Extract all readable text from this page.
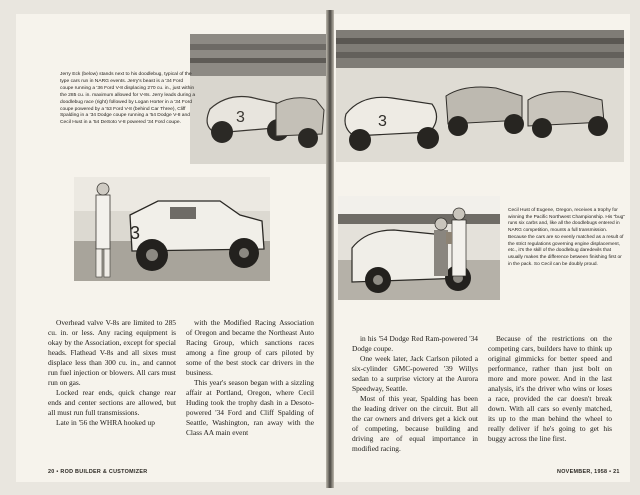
3

Jerry Eck (below) stands next to his doodlebug, typical of the type cars run in NARG events. Jerry's beast is a '34 Ford coupe running a '36 Ford V-8 displacing 270 cu. in., just within the 285 cu. in. maximum allowed for V-8s. Jerry leads during a doodlebug race (right) followed by Logan Horter in a '34 Ford coupe powered by a '53 Ford V-8 (behind Car Three), Cliff Spalding in a '34 Dodge coupe running a '54 Dodge V-8 and Cecil Hust in a '54 DeSoto V-8 powered '34 Ford coupe.

3

Overhead valve V-8s are limited to 285 cu. in. or less. Any racing equipment is okay by the Association, except for special heads. Flathead V-8s and all sixes must displace less than 300 cu. in., and cannot run fuel injection or blowers. All cars must run on gas.

Locked rear ends, quick change rear ends and center sections are allowed, but all must run full transmissions.

Late in '56 the WHRA hooked up

with the Modified Racing Association of Oregon and became the Northeast Auto Racing Group, which sanctions races among a fine group of cars piloted by some of the best stock car drivers in the business.

This year's season began with a sizzling affair at Portland, Oregon, where Cecil Huding took the trophy dash in a Desoto-powered '34 Ford and Cliff Spalding of Seattle, Washington, ran away with the Class AA main event

20 • ROD BUILDER & CUSTOMIZER
3

Cecil Hust of Eugene, Oregon, receives a trophy for winning the Pacific Northwest Championship. His "bug" runs six carbs and, like all the doodlebugs entered in NARG competition, mounts a full transmission. Because the cars are so evenly matched as a result of the strict regulations governing engine displacement, etc., it's the skill of the doodlebug daredevils that usually makes the difference between finishing first or in the pack. So Cecil can be doubly proud.

in his '54 Dodge Red Ram-powered '34 Dodge coupe.

One week later, Jack Carlson piloted a six-cylinder GMC-powered '39 Willys sedan to a surprise victory at the Aurora Speedway, Seattle.

Most of this year, Spalding has been the leading driver on the circuit. But all the car owners and drivers get a kick out of competing, because building and driving are of equal importance in modified racing.

Because of the restrictions on the competing cars, builders have to think up original gimmicks for better speed and performance, rather than just bolt on more and more power. And in the last analysis, it's the driver who wins or loses a race, provided the car doesn't break down. With all cars so evenly matched, its up to the man behind the wheel to really deliver if he's going to get his buggy across the line first.

NOVEMBER, 1958 • 21
